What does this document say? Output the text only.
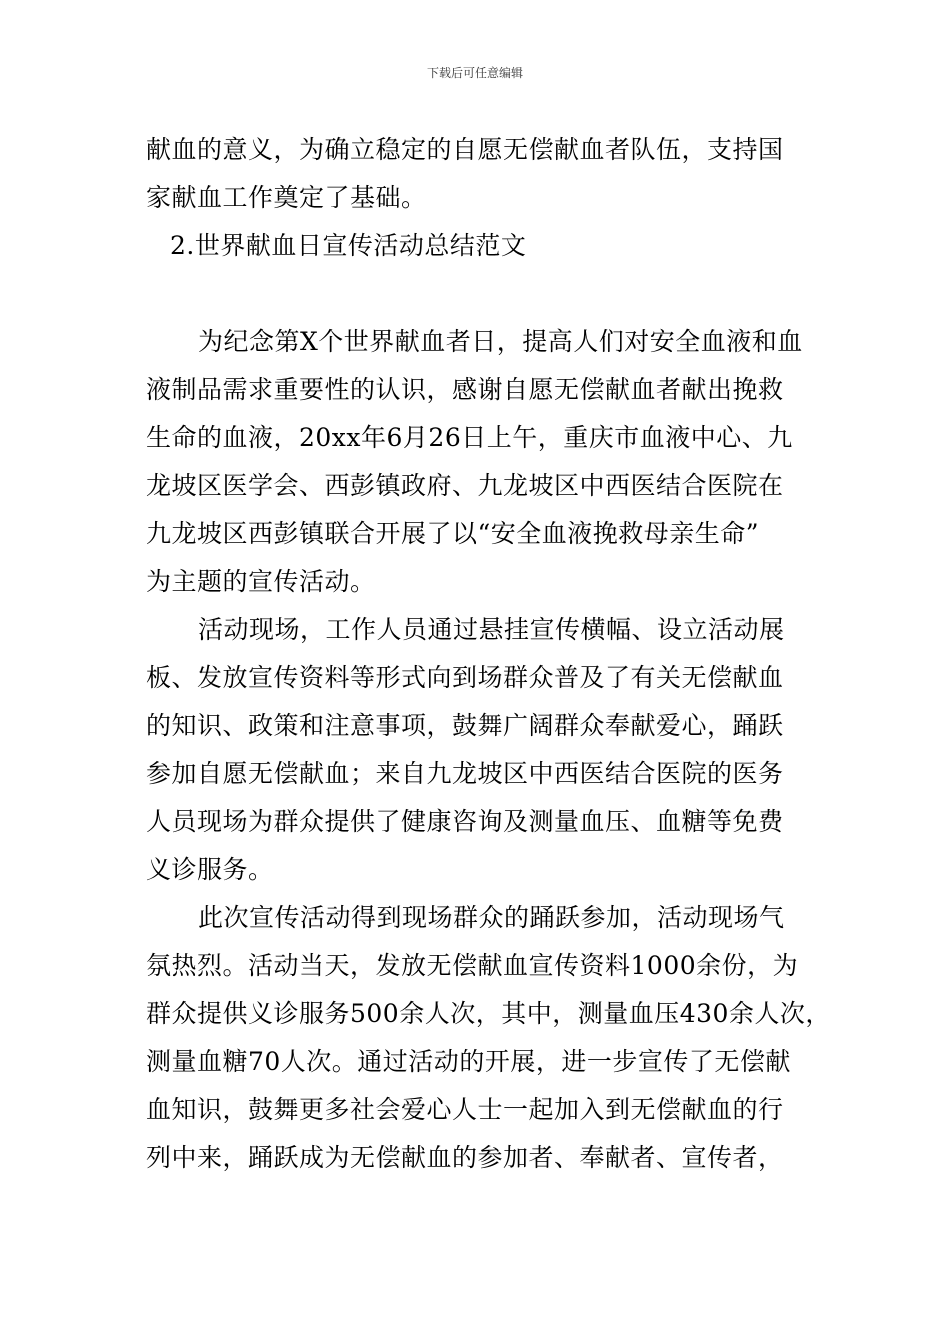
下载后可任意编辑
献血的意义，为确立稳定的自愿无偿献血者队伍，支持国
家献血工作奠定了基础。
2.世界献血日宣传活动总结范文
为纪念第X个世界献血者日，提高人们对安全血液和血
液制品需求重要性的认识，感谢自愿无偿献血者献出挽救
生命的血液，20xx年6月26日上午，重庆市血液中心、九
龙坡区医学会、西彭镇政府、九龙坡区中西医结合医院在
九龙坡区西彭镇联合开展了以“安全血液挽救母亲生命”
为主题的宣传活动。
活动现场，工作人员通过悬挂宣传横幅、设立活动展
板、发放宣传资料等形式向到场群众普及了有关无偿献血
的知识、政策和注意事项，鼓舞广阔群众奉献爱心，踊跃
参加自愿无偿献血；来自九龙坡区中西医结合医院的医务
人员现场为群众提供了健康咨询及测量血压、血糖等免费
义诊服务。
此次宣传活动得到现场群众的踊跃参加，活动现场气
氛热烈。活动当天，发放无偿献血宣传资料1000余份，为
群众提供义诊服务500余人次，其中，测量血压430余人次，
测量血糖70人次。通过活动的开展，进一步宣传了无偿献
血知识，鼓舞更多社会爱心人士一起加入到无偿献血的行
列中来，踊跃成为无偿献血的参加者、奉献者、宣传者，
